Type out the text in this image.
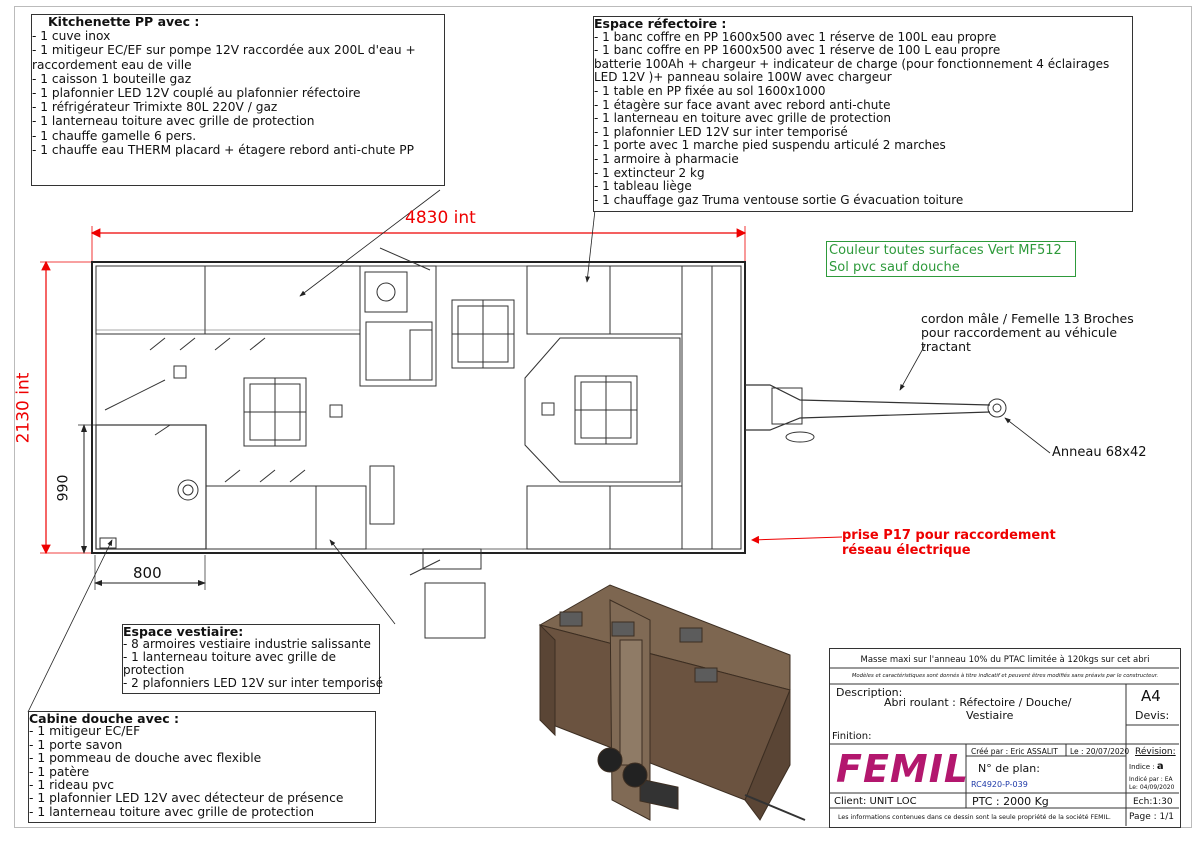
4830 int
2130 int
990
800
Kitchenette PP avec :
- 1 cuve inox
- 1 mitigeur EC/EF sur pompe 12V raccordée aux 200L d'eau + raccordement eau de ville
- 1 caisson 1 bouteille gaz
- 1 plafonnier LED 12V couplé au plafonnier réfectoire
- 1 réfrigérateur Trimixte 80L 220V / gaz
- 1 lanterneau toiture avec grille de protection
- 1 chauffe gamelle 6 pers.
- 1 chauffe eau THERM placard + étagere rebord anti-chute PP
Espace réfectoire :
- 1 banc coffre en PP 1600x500 avec 1 réserve de 100L eau propre
- 1 banc coffre en PP 1600x500 avec 1 réserve de 100 L eau propre
batterie 100Ah + chargeur + indicateur de charge (pour fonctionnement 4 éclairages LED 12V )+ panneau solaire 100W avec chargeur
- 1 table en PP fixée au sol 1600x1000
- 1 étagère sur face avant avec rebord anti-chute
- 1 lanterneau en toiture avec grille de protection
- 1 plafonnier LED 12V sur inter temporisé
- 1 porte avec 1 marche pied suspendu articulé 2 marches
- 1 armoire à pharmacie
- 1 extincteur 2 kg
- 1 tableau liège
- 1 chauffage gaz Truma ventouse sortie G évacuation toiture
Espace vestiaire:
- 8 armoires vestiaire industrie salissante
- 1 lanterneau toiture avec grille de protection
- 2 plafonniers LED 12V sur inter temporisé
Cabine douche avec :
- 1 mitigeur EC/EF
- 1 porte savon
- 1 pommeau de douche avec flexible
- 1 patère
- 1 rideau pvc
- 1 plafonnier LED 12V avec détecteur de présence
- 1 lanterneau toiture avec grille de protection
Couleur toutes surfaces Vert MF512
Sol pvc sauf douche
cordon mâle / Femelle 13 Broches pour raccordement au véhicule tractant
Anneau 68x42
prise P17 pour raccordement
réseau électrique
Masse maxi sur l'anneau 10% du PTAC limitée à 120kgs sur cet abri
Modèles et caractéristiques sont donnés à titre indicatif et peuvent êtres modifiés sans préavis par le constructeur.
Description:
Abri roulant : Réfectoire / Douche/
Vestiaire
A4
Devis:
Finition:
FEMIL Créé par : Eric ASSALIT Le : 20/07/2020 Révision:
N° de plan:
RC4920-P-039
Indice : a
Indicé par : EA
Le: 04/09/2020
Client: UNIT LOC	PTC : 2000 Kg	Ech:1:30
Les informations contenues dans ce dessin sont la seule propriété de la société FEMIL. Page : 1/1
